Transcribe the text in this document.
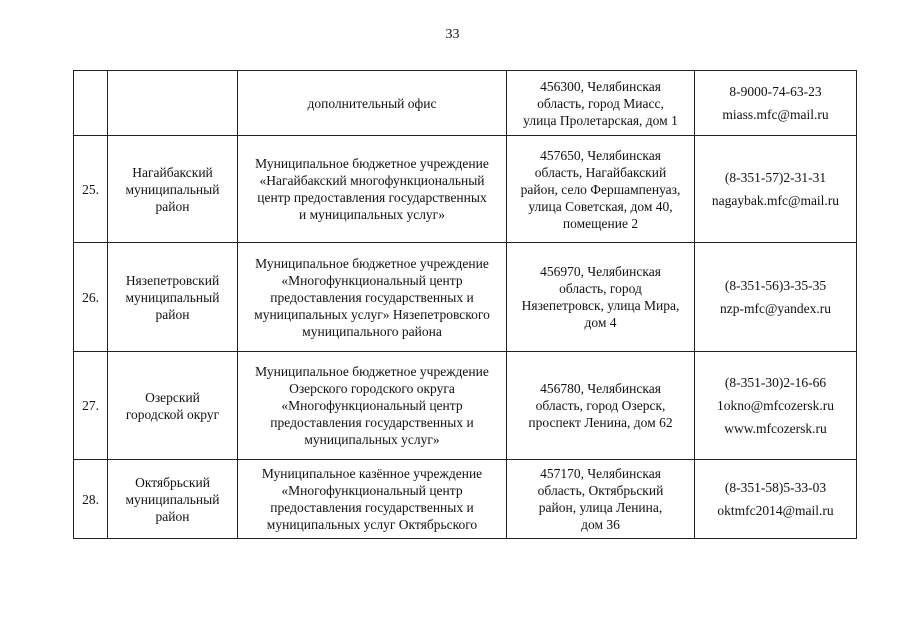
33

		дополнительный офис	456300, Челябинская
область, город Миасс,
улица Пролетарская, дом 1	8-9000-74-63-23
miass.mfc@mail.ru

25.	Нагайбакский
муниципальный
район	Муниципальное бюджетное учреждение
«Нагайбакский многофункциональный
центр предоставления государственных
и муниципальных услуг»	457650, Челябинская
область, Нагайбакский
район, село Фершампенуаз,
улица Советская, дом 40,
помещение 2	(8-351-57)2-31-31
nagaybak.mfc@mail.ru

26.	Нязепетровский
муниципальный
район	Муниципальное бюджетное учреждение
«Многофункциональный центр
предоставления государственных и
муниципальных услуг» Нязепетровского
муниципального района	456970, Челябинская
область, город
Нязепетровск, улица Мира,
дом 4	(8-351-56)3-35-35
nzp-mfc@yandex.ru

27.	Озерский
городской округ	Муниципальное бюджетное учреждение
Озерского городского округа
«Многофункциональный центр
предоставления государственных и
муниципальных услуг»	456780, Челябинская
область, город Озерск,
проспект Ленина, дом 62	(8-351-30)2-16-66
1okno@mfcozersk.ru
www.mfcozersk.ru

28.	Октябрьский
муниципальный
район	Муниципальное казённое учреждение
«Многофункциональный центр
предоставления государственных и
муниципальных услуг Октябрьского	457170, Челябинская
область, Октябрьский
район, улица Ленина,
дом 36	(8-351-58)5-33-03
oktmfc2014@mail.ru
